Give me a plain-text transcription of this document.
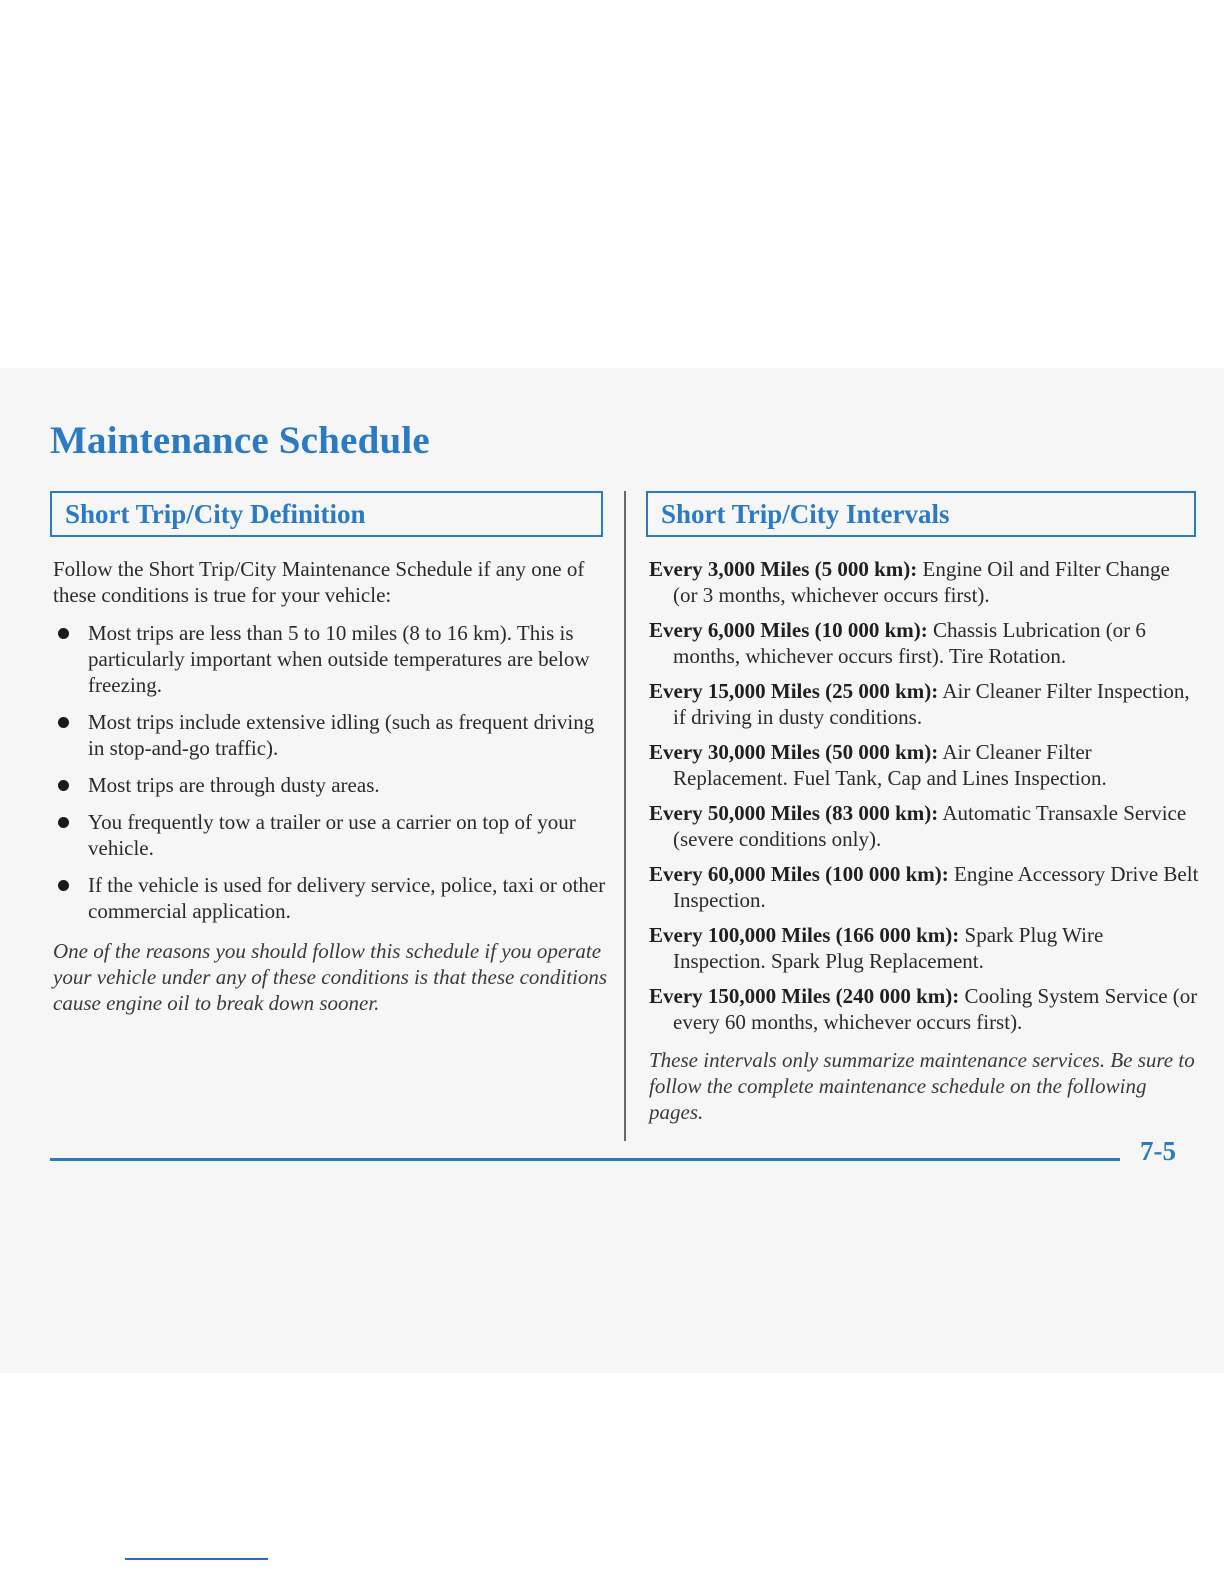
Maintenance Schedule
Short Trip/City Definition	Short Trip/City Intervals

Follow the Short Trip/City Maintenance Schedule if any one of these conditions is true for your vehicle:

Most trips are less than 5 to 10 miles (8 to 16 km). This is particularly important when outside temperatures are below freezing.
Most trips include extensive idling (such as frequent driving in stop-and-go traffic).
Most trips are through dusty areas.
You frequently tow a trailer or use a carrier on top of your vehicle.
If the vehicle is used for delivery service, police, taxi or other commercial application.

One of the reasons you should follow this schedule if you operate your vehicle under any of these conditions is that these conditions cause engine oil to break down sooner.

Every 3,000 Miles (5 000 km): Engine Oil and Filter Change (or 3 months, whichever occurs first).

Every 6,000 Miles (10 000 km): Chassis Lubrication (or 6 months, whichever occurs first). Tire Rotation.

Every 15,000 Miles (25 000 km): Air Cleaner Filter Inspection, if driving in dusty conditions.

Every 30,000 Miles (50 000 km): Air Cleaner Filter Replacement. Fuel Tank, Cap and Lines Inspection.

Every 50,000 Miles (83 000 km): Automatic Transaxle Service (severe conditions only).

Every 60,000 Miles (100 000 km): Engine Accessory Drive Belt Inspection.

Every 100,000 Miles (166 000 km): Spark Plug Wire Inspection. Spark Plug Replacement.

Every 150,000 Miles (240 000 km): Cooling System Service (or every 60 months, whichever occurs first).

These intervals only summarize maintenance services. Be sure to follow the complete maintenance schedule on the following pages.

7-5
